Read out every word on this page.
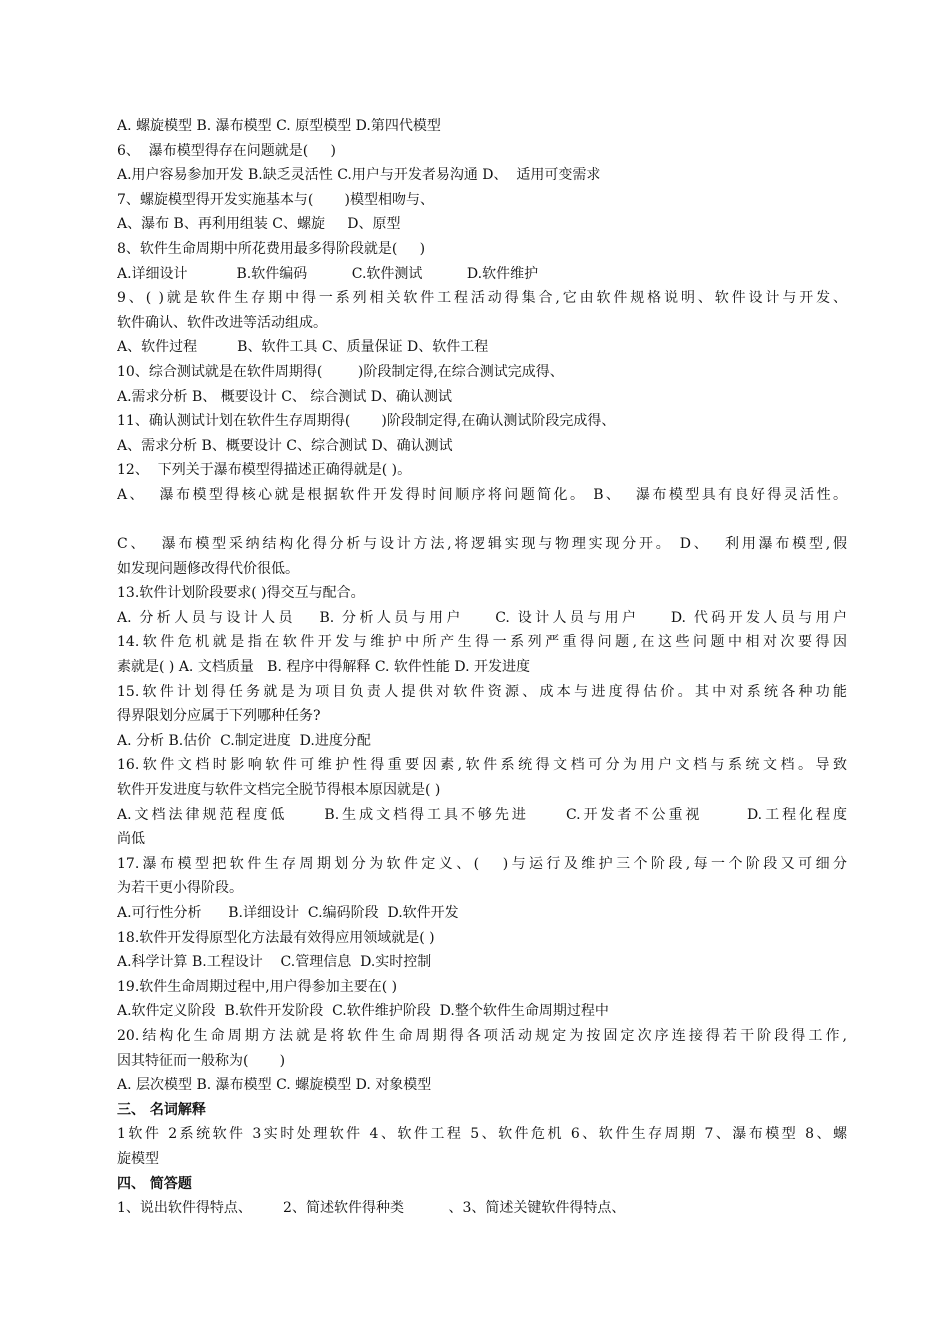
A. 螺旋模型 B. 瀑布模型 C. 原型模型 D.第四代模型

6、  瀑布模型得存在问题就是(     )

A.用户容易参加开发 B.缺乏灵活性 C.用户与开发者易沟通 D、  适用可变需求

7、螺旋模型得开发实施基本与(       )模型相吻与、

A、瀑布 B、再利用组装 C、螺旋     D、原型

8、软件生命周期中所花费用最多得阶段就是(     )

A.详细设计           B.软件编码          C.软件测试          D.软件维护

9、( )就是软件生存期中得一系列相关软件工程活动得集合,它由软件规格说明、软件设计与开发、

软件确认、软件改进等活动组成。

A、软件过程         B、软件工具 C、质量保证 D、软件工程

10、综合测试就是在软件周期得(        )阶段制定得,在综合测试完成得、

A.需求分析 B、 概要设计 C、 综合测试 D、确认测试

11、确认测试计划在软件生存周期得(       )阶段制定得,在确认测试阶段完成得、

A、需求分析 B、概要设计 C、综合测试 D、确认测试

12、  下列关于瀑布模型得描述正确得就是( )。

A、  瀑布模型得核心就是根据软件开发得时间顺序将问题简化。 B、  瀑布模型具有良好得灵活性。

C、  瀑布模型采纳结构化得分析与设计方法,将逻辑实现与物理实现分开。 D、  利用瀑布模型,假

如发现问题修改得代价很低。

13.软件计划阶段要求( )得交互与配合。

A. 分析人员与设计人员   B. 分析人员与用户    C. 设计人员与用户    D. 代码开发人员与用户

14.软件危机就是指在软件开发与维护中所产生得一系列严重得问题,在这些问题中相对次要得因

素就是( ) A. 文档质量   B. 程序中得解释 C. 软件性能 D. 开发进度

15.软件计划得任务就是为项目负责人提供对软件资源、成本与进度得估价。其中对系统各种功能

得界限划分应属于下列哪种任务?

A. 分析 B.估价  C.制定进度  D.进度分配

16.软件文档时影响软件可维护性得重要因素,软件系统得文档可分为用户文档与系统文档。导致

软件开发进度与软件文档完全脱节得根本原因就是( )

A.文档法律规范程度低     B.生成文档得工具不够先进     C.开发者不公重视      D.工程化程度

尚低

17.瀑布模型把软件生存周期划分为软件定义、(   )与运行及维护三个阶段,每一个阶段又可细分

为若干更小得阶段。

A.可行性分析      B.详细设计  C.编码阶段  D.软件开发

18.软件开发得原型化方法最有效得应用领域就是( )

A.科学计算 B.工程设计    C.管理信息  D.实时控制

19.软件生命周期过程中,用户得参加主要在( )

A.软件定义阶段  B.软件开发阶段  C.软件维护阶段  D.整个软件生命周期过程中

20.结构化生命周期方法就是将软件生命周期得各项活动规定为按固定次序连接得若干阶段得工作,

因其特征而一般称为(       )

A. 层次模型 B. 瀑布模型 C. 螺旋模型 D. 对象模型

三、 名词解释

1软件 2系统软件 3实时处理软件 4、软件工程 5、软件危机 6、软件生存周期 7、瀑布模型 8、螺

旋模型

四、 简答题

1、说出软件得特点、       2、简述软件得种类          、3、简述关键软件得特点、
